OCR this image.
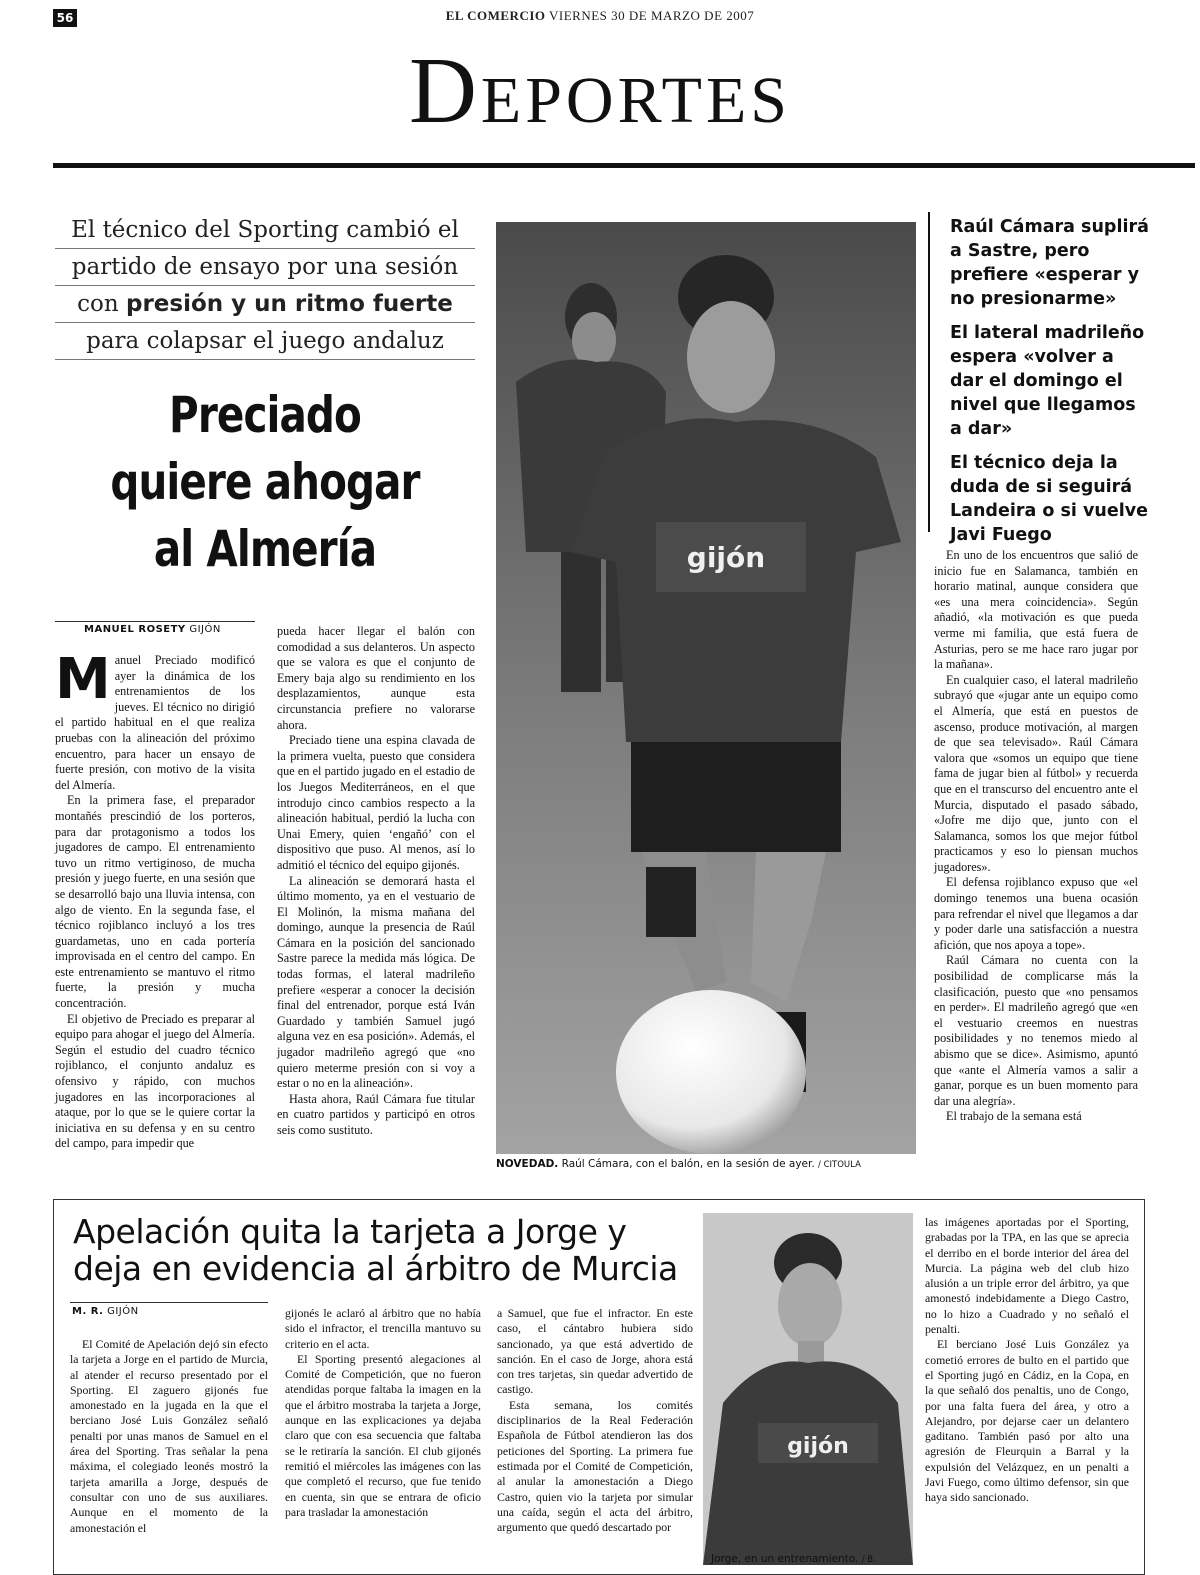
56	EL COMERCIO VIERNES 30 DE MARZO DE 2007
Deportes
El técnico del Sporting cambió el
partido de ensayo por una sesión
con presión y un ritmo fuerte
para colapsar el juego andaluz
Preciado
quiere ahogar
al Almería
MANUEL ROSETY GIJÓN

Manuel Preciado modificó ayer la dinámica de los entrenamientos de los jueves. El técnico no dirigió el partido habitual en el que realiza pruebas con la alineación del próximo encuentro, para hacer un ensayo de fuerte presión, con motivo de la visita del Almería.

En la primera fase, el preparador montañés prescindió de los porteros, para dar protagonismo a todos los jugadores de campo. El entrenamiento tuvo un ritmo vertiginoso, de mucha presión y juego fuerte, en una sesión que se desarrolló bajo una lluvia intensa, con algo de viento. En la segunda fase, el técnico rojiblanco incluyó a los tres guardametas, uno en cada portería improvisada en el centro del campo. En este entrenamiento se mantuvo el ritmo fuerte, la presión y mucha concentración.

El objetivo de Preciado es preparar al equipo para ahogar el juego del Almería. Según el estudio del cuadro técnico rojiblanco, el conjunto andaluz es ofensivo y rápido, con muchos jugadores en las incorporaciones al ataque, por lo que se le quiere cortar la iniciativa en su defensa y en su centro del campo, para impedir que

pueda hacer llegar el balón con comodidad a sus delanteros. Un aspecto que se valora es que el conjunto de Emery baja algo su rendimiento en los desplazamientos, aunque esta circunstancia prefiere no valorarse ahora.

Preciado tiene una espina clavada de la primera vuelta, puesto que considera que en el partido jugado en el estadio de los Juegos Mediterráneos, en el que introdujo cinco cambios respecto a la alineación habitual, perdió la lucha con Unai Emery, quien ‘engañó’ con el dispositivo que puso. Al menos, así lo admitió el técnico del equipo gijonés.

La alineación se demorará hasta el último momento, ya en el vestuario de El Molinón, la misma mañana del domingo, aunque la presencia de Raúl Cámara en la posición del sancionado Sastre parece la medida más lógica. De todas formas, el lateral madrileño prefiere «esperar a conocer la decisión final del entrenador, porque está Iván Guardado y también Samuel jugó alguna vez en esa posición». Además, el jugador madrileño agregó que «no quiero meterme presión con si voy a estar o no en la alineación».

Hasta ahora, Raúl Cámara fue titular en cuatro partidos y participó en otros seis como sustituto.

gijón
NOVEDAD. Raúl Cámara, con el balón, en la sesión de ayer. / CITOULA

Raúl Cámara suplirá a Sastre, pero prefiere «esperar y no presionarme»

El lateral madrileño espera «volver a dar el domingo el nivel que llegamos a dar»

El técnico deja la duda de si seguirá Landeira o si vuelve Javi Fuego

En uno de los encuentros que salió de inicio fue en Salamanca, también en horario matinal, aunque considera que «es una mera coincidencia». Según añadió, «la motivación es que pueda verme mi familia, que está fuera de Asturias, pero se me hace raro jugar por la mañana».

En cualquier caso, el lateral madrileño subrayó que «jugar ante un equipo como el Almería, que está en puestos de ascenso, produce motivación, al margen de que sea televisado». Raúl Cámara valora que «somos un equipo que tiene fama de jugar bien al fútbol» y recuerda que en el transcurso del encuentro ante el Murcia, disputado el pasado sábado, «Jofre me dijo que, junto con el Salamanca, somos los que mejor fútbol practicamos y eso lo piensan muchos jugadores».

El defensa rojiblanco expuso que «el domingo tenemos una buena ocasión para refrendar el nivel que llegamos a dar y poder darle una satisfacción a nuestra afición, que nos apoya a tope».

Raúl Cámara no cuenta con la posibilidad de complicarse más la clasificación, puesto que «no pensamos en perder». El madrileño agregó que «en el vestuario creemos en nuestras posibilidades y no tenemos miedo al abismo que se dice». Asimismo, apuntó que «ante el Almería vamos a salir a ganar, porque es un buen momento para dar una alegría».

El trabajo de la semana está

Apelación quita la tarjeta a Jorge y
deja en evidencia al árbitro de Murcia
M. R. GIJÓN

El Comité de Apelación dejó sin efecto la tarjeta a Jorge en el partido de Murcia, al atender el recurso presentado por el Sporting. El zaguero gijonés fue amonestado en la jugada en la que el berciano José Luis González señaló penalti por unas manos de Samuel en el área del Sporting. Tras señalar la pena máxima, el colegiado leonés mostró la tarjeta amarilla a Jorge, después de consultar con uno de sus auxiliares. Aunque en el momento de la amonestación el

gijonés le aclaró al árbitro que no había sido el infractor, el trencilla mantuvo su criterio en el acta.

El Sporting presentó alegaciones al Comité de Competición, que no fueron atendidas porque faltaba la imagen en la que el árbitro mostraba la tarjeta a Jorge, aunque en las explicaciones ya dejaba claro que con esa secuencia que faltaba se le retiraría la sanción. El club gijonés remitió el miércoles las imágenes con las que completó el recurso, que fue tenido en cuenta, sin que se entrara de oficio para trasladar la amonestación

a Samuel, que fue el infractor. En este caso, el cántabro hubiera sido sancionado, ya que está advertido de sanción. En el caso de Jorge, ahora está con tres tarjetas, sin quedar advertido de castigo.

Esta semana, los comités disciplinarios de la Real Federación Española de Fútbol atendieron las dos peticiones del Sporting. La primera fue estimada por el Comité de Competición, al anular la amonestación a Diego Castro, quien vio la tarjeta por simular una caída, según el acta del árbitro, argumento que quedó descartado por

gijón
Jorge, en un entrenamiento. / B.

las imágenes aportadas por el Sporting, grabadas por la TPA, en las que se aprecia el derribo en el borde interior del área del Murcia. La página web del club hizo alusión a un triple error del árbitro, ya que amonestó indebidamente a Diego Castro, no lo hizo a Cuadrado y no señaló el penalti.

El berciano José Luis González ya cometió errores de bulto en el partido que el Sporting jugó en Cádiz, en la Copa, en la que señaló dos penaltis, uno de Congo, por una falta fuera del área, y otro a Alejandro, por dejarse caer un delantero gaditano. También pasó por alto una agresión de Fleurquin a Barral y la expulsión del Velázquez, en un penalti a Javi Fuego, como último defensor, sin que haya sido sancionado.
